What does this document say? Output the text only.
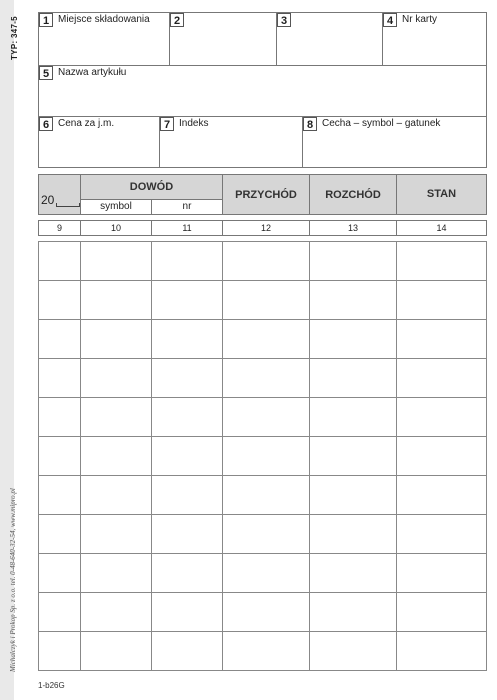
TYP: 347-5
Michalczyk i Prokop Sp. z o.o. tel. 0-48-640-32-54, www.mipro.pl
1 Miejsce składowania	2	3	4 Nr karty
5 Nazwa artykułu
6 Cena za j.m.	7 Indeks	8 Cecha – symbol – gatunek
20
DOWÓD
symbol	nr
PRZYCHÓD	ROZCHÓD	STAN
9	10	11	12	13	14
1-b26G
